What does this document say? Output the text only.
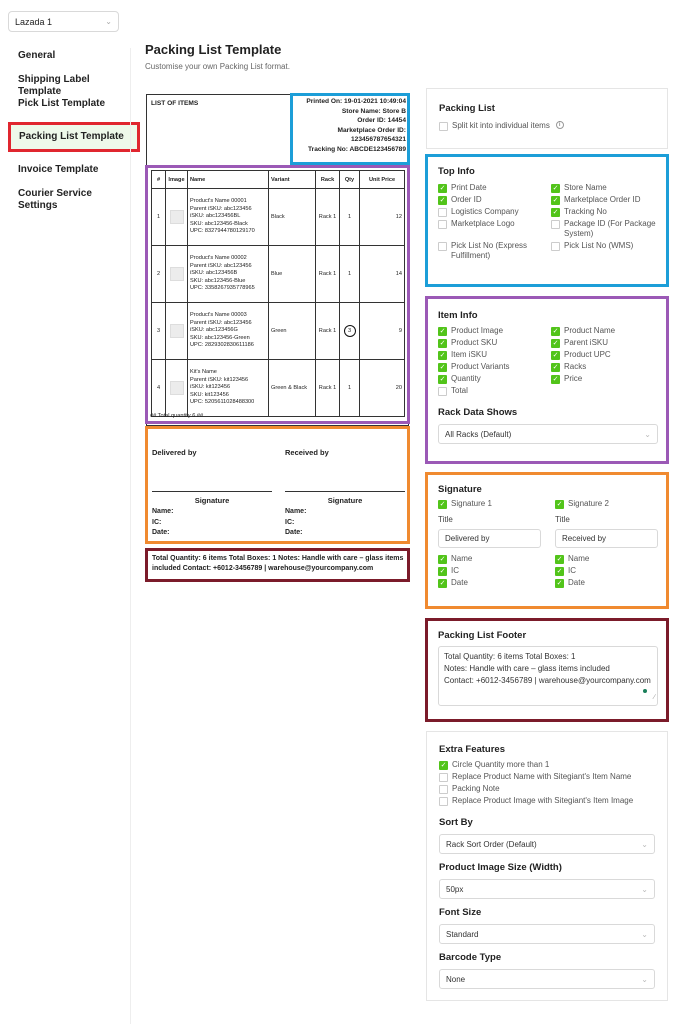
Lazada 1	⌄
General
Shipping Label Template
Pick List Template
Packing List Template
Invoice Template
Courier Service Settings
Packing List Template
Customise your own Packing List format.
LIST OF ITEMS	Printed On: 19-01-2021 10:49:04
Store Name: Store B
Order ID: 14454
Marketplace Order ID:
123456787654321
Tracking No: ABCDE123456789
#	Image	Name	Variant	Rack	Qty	Unit Price
1		Product's Name 00001
Parent iSKU: abc123456
iSKU: abc123456BL
SKU: abc123456-Black
UPC: 8327944780129170	Black	Rack 1	1	12
2		Product's Name 00002
Parent iSKU: abc123456
iSKU: abc123456B
SKU: abc123456-Blue
UPC: 3358267935778965	Blue	Rack 1	1	14
3		Product's Name 00003
Parent iSKU: abc123456
iSKU: abc123456G
SKU: abc123456-Green
UPC: 2829302830611186	Green	Rack 1	3	9
4		Kit's Name
Parent iSKU: kit123456
iSKU: kit123456
SKU: kit123456
UPC: 5205611028488300	Green & Black	Rack 1	1	20
## Total quantity 6 ##
Delivered by	Received by
Signature	Signature
Name:
IC:
Date:
Name:
IC:
Date:
Total Quantity: 6 items Total Boxes: 1 Notes: Handle with care – glass items included Contact: +6012-3456789 | warehouse@yourcompany.com
Packing List
Split kit into individual items	i
Top Info
✓ Print Date	✓ Store Name
✓ Order ID	✓ Marketplace Order ID
Logistics Company	✓ Tracking No
Marketplace Logo	Package ID (For Package System)
Pick List No (Express Fulfillment)
Pick List No (WMS)
Item Info
✓ Product Image	✓ Product Name
✓ Product SKU	✓ Parent iSKU
✓ Item iSKU	✓ Product UPC
✓ Product Variants	✓ Racks
✓ Quantity	✓ Price
Total
Rack Data Shows
All Racks (Default)	⌄
Signature
✓ Signature 1
Title
Delivered by
✓ Name
✓ IC
✓ Date
✓ Signature 2
Title
Received by
✓ Name
✓ IC
✓ Date
Packing List Footer
Total Quantity: 6 items Total Boxes: 1
Notes: Handle with care – glass items included
Contact: +6012-3456789 | warehouse@yourcompany.com
∕
Extra Features
✓ Circle Quantity more than 1
Replace Product Name with Sitegiant's Item Name
Packing Note
Replace Product Image with Sitegiant's Item Image
Sort By
Rack Sort Order (Default)	⌄
Product Image Size (Width)
50px	⌄
Font Size
Standard	⌄
Barcode Type
None	⌄
